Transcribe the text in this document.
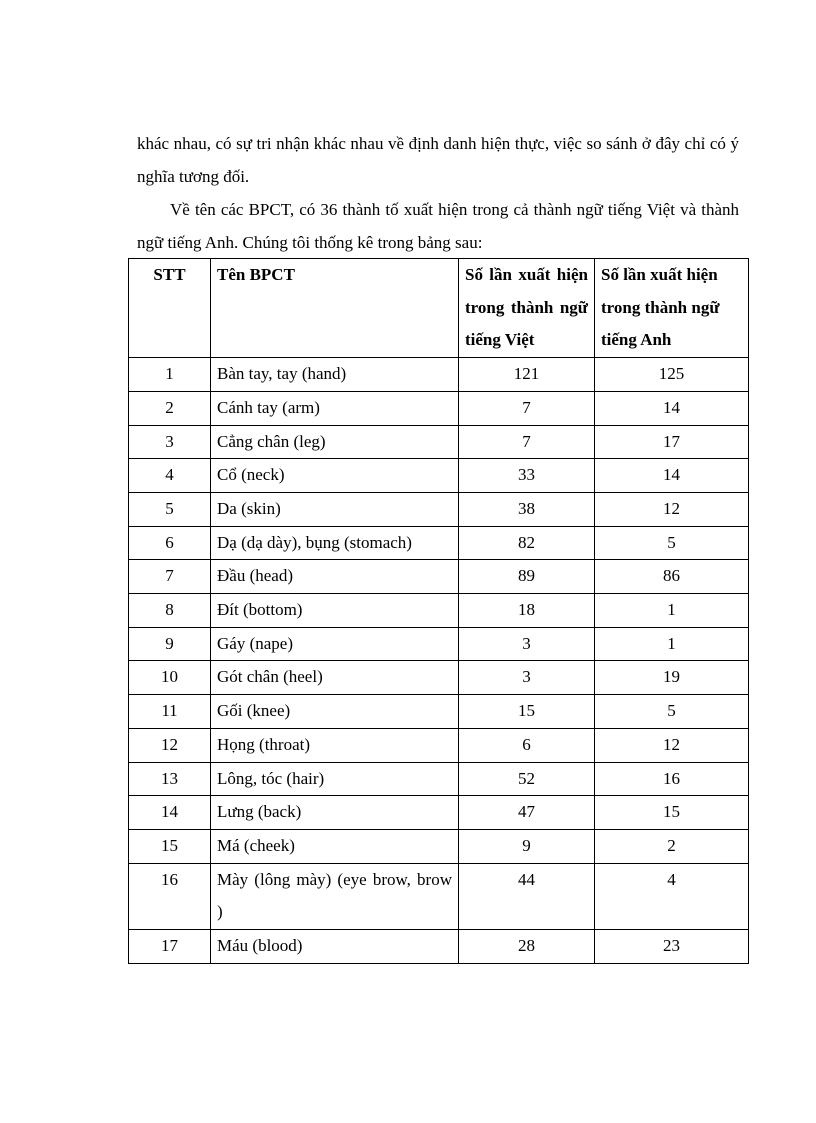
khác nhau, có sự tri nhận khác nhau về định danh hiện thực, việc so sánh ở đây chỉ có ý nghĩa tương đối.
Về tên các BPCT, có 36 thành tố xuất hiện trong cả thành ngữ tiếng Việt và thành ngữ tiếng Anh. Chúng tôi thống kê trong bảng sau:
STT	Tên BPCT	Số lần xuất hiện trong thành ngữ tiếng Việt	Số lần xuất hiện trong thành ngữ tiếng Anh
1	Bàn tay, tay (hand)	121	125
2	Cánh tay (arm)	7	14
3	Cẳng chân (leg)	7	17
4	Cổ (neck)	33	14
5	Da (skin)	38	12
6	Dạ (dạ dày), bụng (stomach)	82	5
7	Đầu (head)	89	86
8	Đít (bottom)	18	1
9	Gáy (nape)	3	1
10	Gót chân (heel)	3	19
11	Gối (knee)	15	5
12	Họng (throat)	6	12
13	Lông, tóc (hair)	52	16
14	Lưng (back)	47	15
15	Má (cheek)	9	2
16	Mày (lông mày) (eye brow, brow )	44	4
17	Máu (blood)	28	23
